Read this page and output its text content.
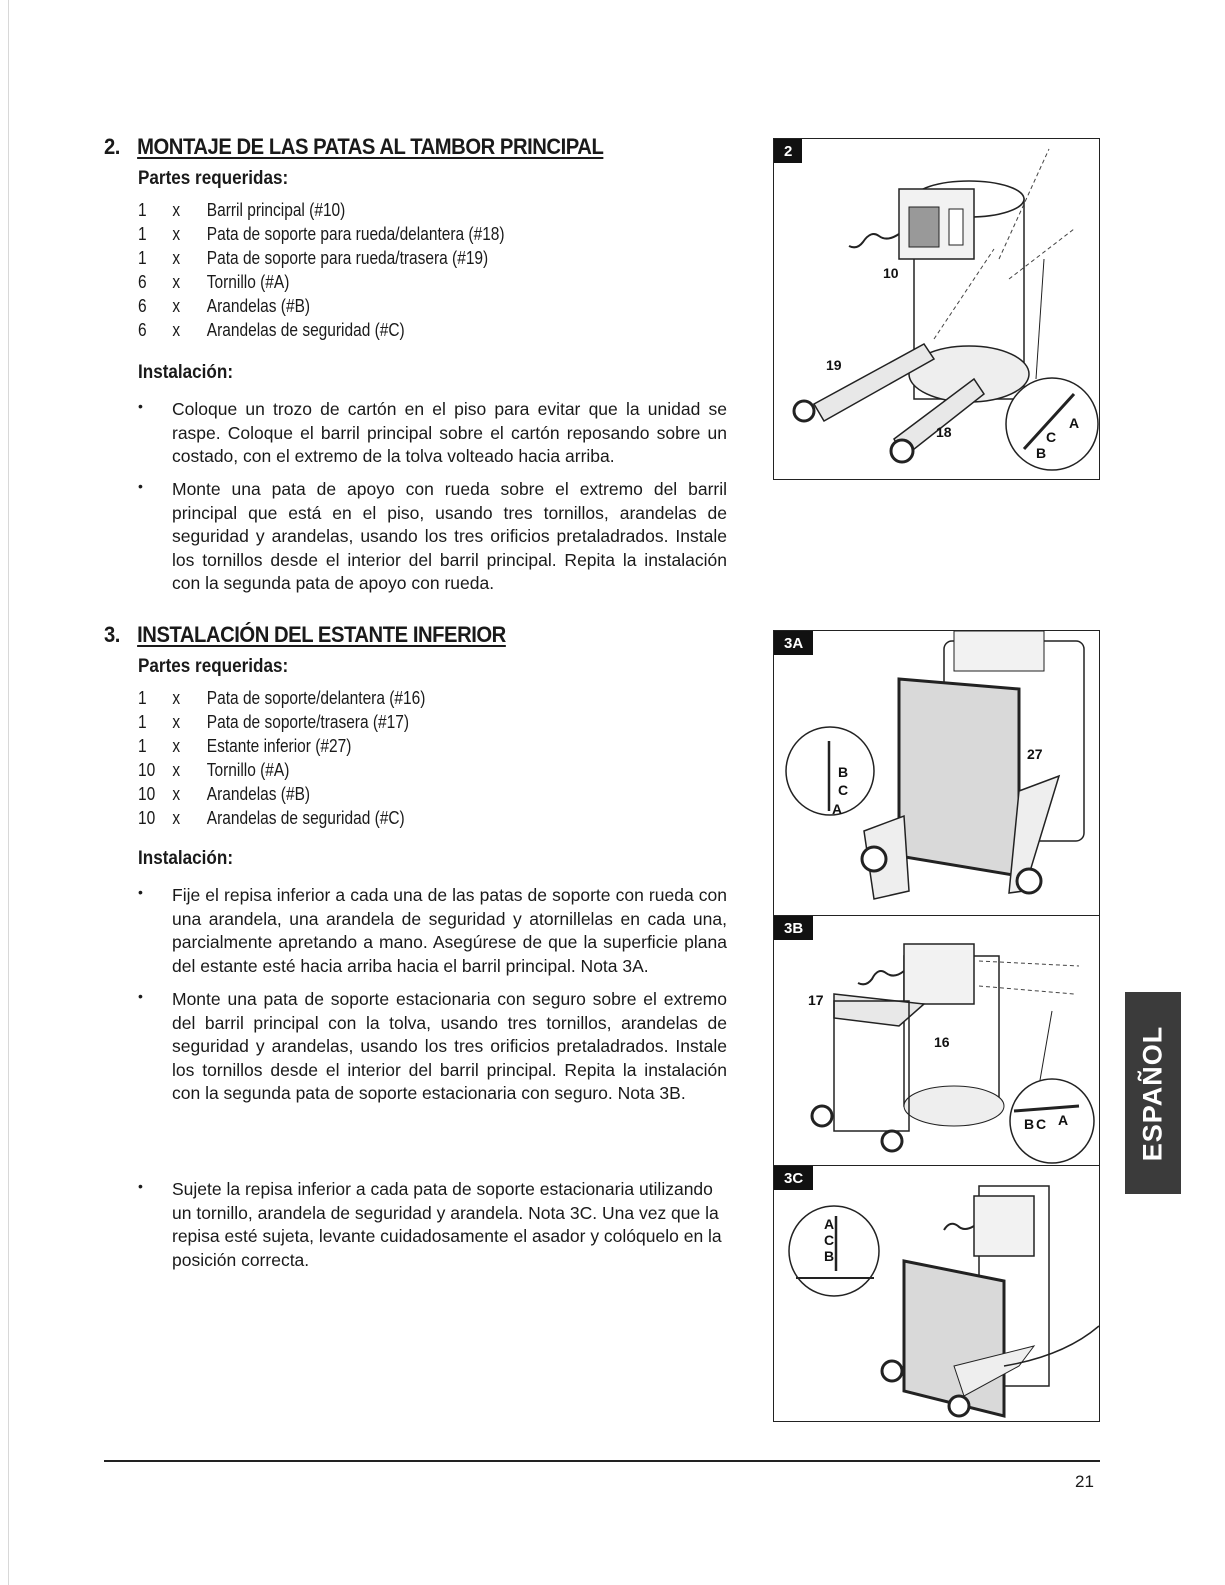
2. MONTAJE DE LAS PATAS AL TAMBOR PRINCIPAL
Partes requeridas:
1 x Barril principal (#10)
1 x Pata de soporte para rueda/delantera (#18)
1 x Pata de soporte para rueda/trasera (#19)
6 x Tornillo (#A)
6 x Arandelas (#B)
6 x Arandelas de seguridad (#C)
Instalación:
• Coloque un trozo de cartón en el piso para evitar que la unidad se raspe. Coloque el barril principal sobre el cartón reposando sobre un costado, con el extremo de la tolva volteado hacia arriba.

• Monte una pata de apoyo con rueda sobre el extremo del barril principal que está en el piso, usando tres tornillos, arandelas de seguridad y arandelas, usando los tres orificios pretaladrados. Instale los tornillos desde el interior del barril principal. Repita la instalación con la segunda pata de apoyo con rueda.

3. INSTALACIÓN DEL ESTANTE INFERIOR
Partes requeridas:
1 x Pata de soporte/delantera (#16)
1 x Pata de soporte/trasera (#17)
1 x Estante inferior (#27)
10 x Tornillo (#A)
10 x Arandelas (#B)
10 x Arandelas de seguridad (#C)
Instalación:
• Fije el repisa inferior a cada una de las patas de soporte con rueda con una arandela, una arandela de seguridad y atornillelas en cada una, parcialmente apretando a mano. Asegúrese de que la superficie plana del estante esté hacia arriba hacia el barril principal. Nota 3A.

• Monte una pata de soporte estacionaria con seguro sobre el extremo del barril principal con la tolva, usando tres tornillos, arandelas de seguridad y arandelas, usando los tres orificios pretaladrados. Instale los tornillos desde el interior del barril principal. Repita la instalación con la segunda pata de soporte estacionaria con seguro. Nota 3B.

• Sujete la repisa inferior a cada pata de soporte estacionaria utilizando un tornillo, arandela de seguridad y arandela. Nota 3C. Una vez que la repisa esté sujeta, levante cuidadosamente el asador y colóquelo en la posición correcta.

2
10
19
18	C
A
B
3A
27
B
C
A
3B
17
16
B C A
3C
A
C
B
ESPAÑOL
21
